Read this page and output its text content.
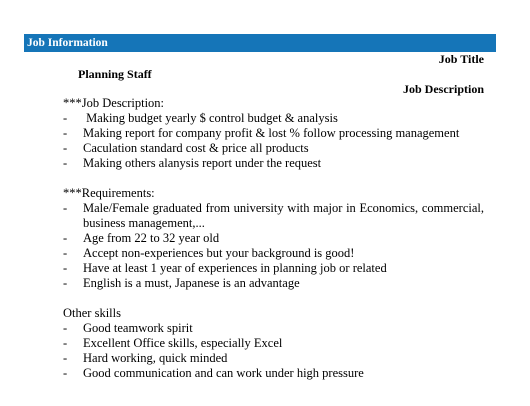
Job Information
Job Title
Planning Staff
Job Description

***Job Description:

-  Making budget yearly $ control budget & analysis
- Making report for company profit & lost % follow processing management
- Caculation standard cost & price all products
- Making others alanysis report under the request

***Requirements:

- Male/Female graduated from university with major in Economics, commercial, business management,...
- Age from 22 to 32 year old
- Accept non-experiences but your background is good!
- Have at least 1 year of experiences in planning job or related
- English is a must, Japanese is an advantage

Other skills

- Good teamwork spirit
- Excellent Office skills, especially Excel
- Hard working, quick minded
- Good communication and can work under high pressure
